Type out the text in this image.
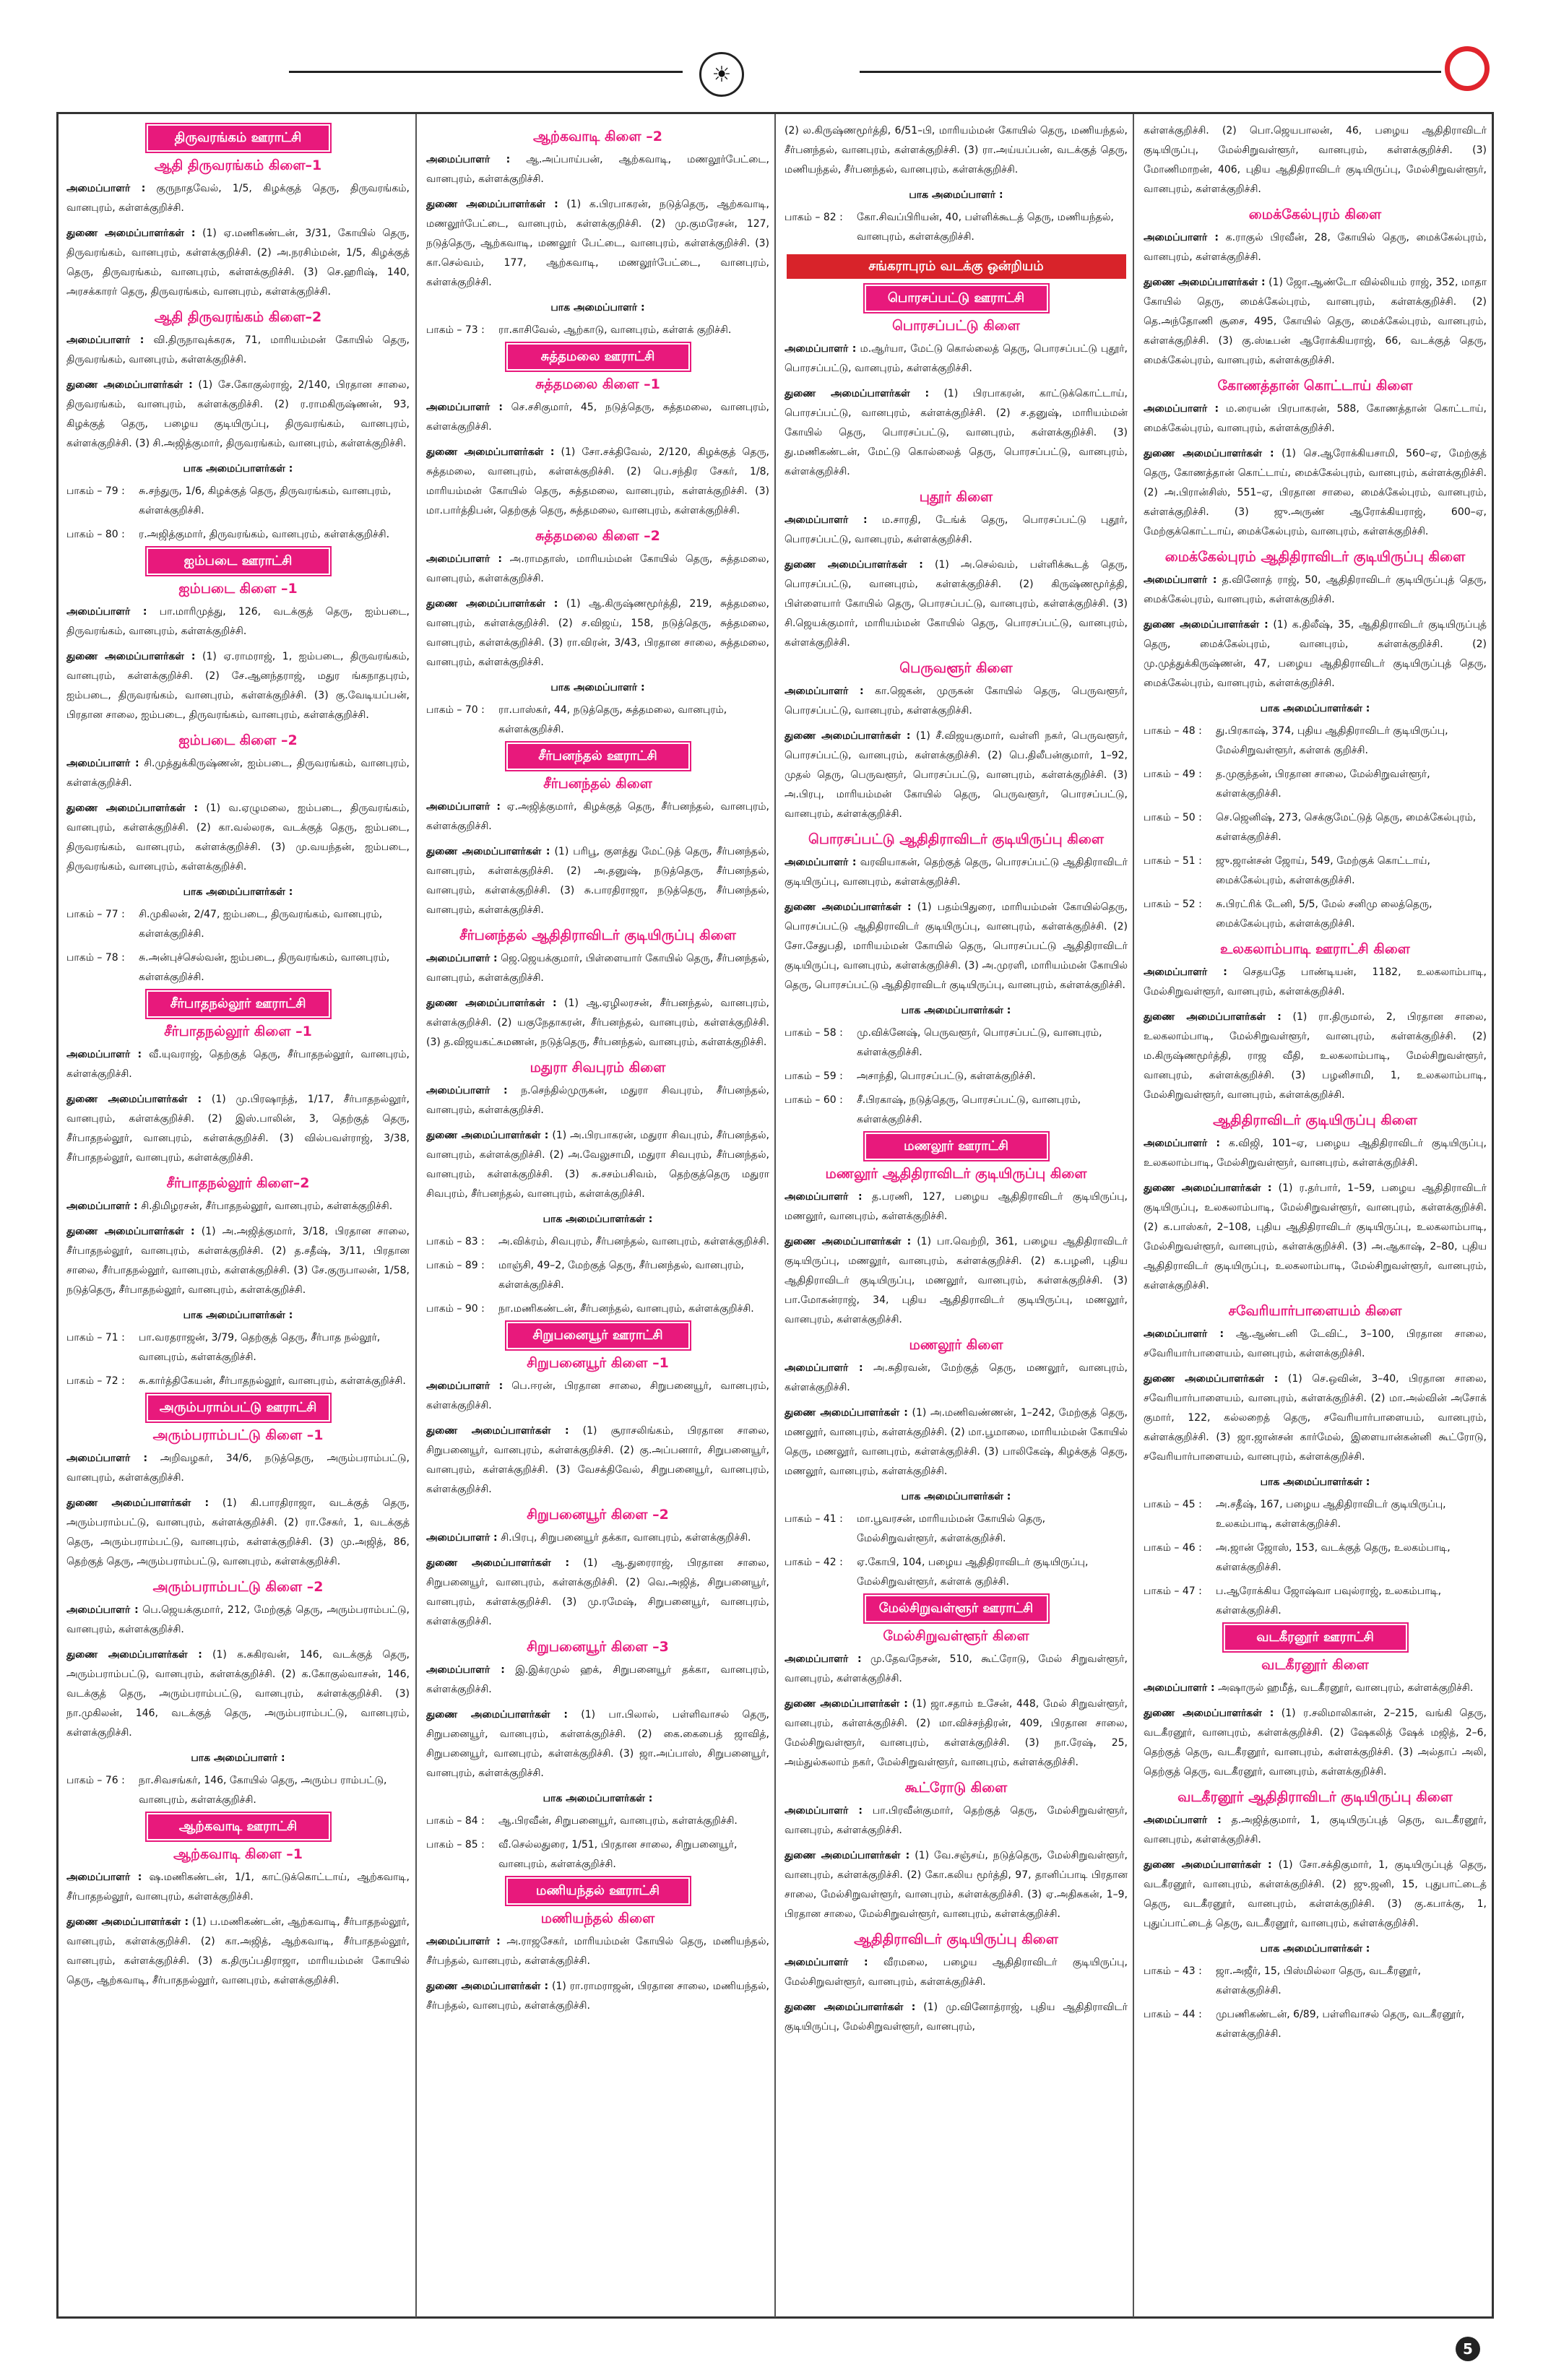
☀
திருவரங்கம் ஊராட்சி
ஆதி திருவரங்கம் கிளை–1

அமைப்பாளர் : குருநாதவேல், 1/5, கிழக்குத் தெரு, திருவரங்கம், வானபுரம், கள்ளக்குறிச்சி.

துணை அமைப்பாளர்கள் : (1) ஏ.மணிகண்டன், 3/31, கோயில் தெரு, திருவரங்கம், வானபுரம், கள்ளக்குறிச்சி. (2) அ.நரசிம்மன், 1/5, கிழக்குத் தெரு, திருவரங்கம், வானபுரம், கள்ளக்குறிச்சி. (3) செ.ஹரிஷ், 140, அரசக்காரர் தெரு, திருவரங்கம், வானபுரம், கள்ளக்குறிச்சி.

ஆதி திருவரங்கம் கிளை–2

அமைப்பாளர் : வி.திருநாவுக்கரசு, 71, மாரியம்மன் கோயில் தெரு, திருவரங்கம், வானபுரம், கள்ளக்குறிச்சி.

துணை அமைப்பாளர்கள் : (1) சே.கோகுல்ராஜ், 2/140, பிரதான சாலை, திருவரங்கம், வானபுரம், கள்ளக்குறிச்சி. (2) ர.ராமகிருஷ்ணன், 93, கிழக்குத் தெரு, பழைய குடியிருப்பு, திருவரங்கம், வானபுரம், கள்ளக்குறிச்சி. (3) சி.அஜித்குமார், திருவரங்கம், வானபுரம், கள்ளக்குறிச்சி.

பாக அமைப்பாளர்கள் :
பாகம் – 79 :	சு.சந்துரு, 1/6, கிழக்குத் தெரு, திருவரங்கம், வானபுரம், கள்ளக்குறிச்சி.
பாகம் – 80 :	ர.அஜித்குமார், திருவரங்கம், வானபுரம், கள்ளக்குறிச்சி.
ஐம்படை ஊராட்சி
ஐம்படை கிளை –1

அமைப்பாளர் : பா.மாரிமுத்து, 126, வடக்குத் தெரு, ஐம்படை, திருவரங்கம், வானபுரம், கள்ளக்குறிச்சி.

துணை அமைப்பாளர்கள் : (1) ஏ.ராமராஜ், 1, ஐம்படை, திருவரங்கம், வானபுரம், கள்ளக்குறிச்சி. (2) சே.ஆனந்தராஜ், மதுர ங்கநாதபுரம், ஐம்படை, திருவரங்கம், வானபுரம், கள்ளக்குறிச்சி. (3) கு.வேடியப்பன், பிரதான சாலை, ஐம்படை, திருவரங்கம், வானபுரம், கள்ளக்குறிச்சி.

ஐம்படை கிளை –2

அமைப்பாளர் : சி.முத்துக்கிருஷ்ணன், ஐம்படை, திருவரங்கம், வானபுரம், கள்ளக்குறிச்சி.

துணை அமைப்பாளர்கள் : (1) வ.ஏழுமலை, ஐம்படை, திருவரங்கம், வானபுரம், கள்ளக்குறிச்சி. (2) கா.வல்லரசு, வடக்குத் தெரு, ஐம்படை, திருவரங்கம், வானபுரம், கள்ளக்குறிச்சி. (3) மு.வயந்தன், ஐம்படை, திருவரங்கம், வானபுரம், கள்ளக்குறிச்சி.

பாக அமைப்பாளர்கள் :
பாகம் – 77 :	சி.முகிலன், 2/47, ஐம்படை, திருவரங்கம், வானபுரம், கள்ளக்குறிச்சி.
பாகம் – 78 :	சு.அன்புச்செல்வன், ஐம்படை, திருவரங்கம், வானபுரம், கள்ளக்குறிச்சி.
சீர்பாதநல்லூர் ஊராட்சி
சீர்பாதநல்லூர் கிளை –1

அமைப்பாளர் : வீ.யுவராஜ், தெற்குத் தெரு, சீர்பாதநல்லூர், வானபுரம், கள்ளக்குறிச்சி.

துணை அமைப்பாளர்கள் : (1) மு.பிரஷாந்த், 1/17, சீர்பாதநல்லூர், வானபுரம், கள்ளக்குறிச்சி. (2) இஸ்.பாலின், 3, தெற்குத் தெரு, சீர்பாதநல்லூர், வானபுரம், கள்ளக்குறிச்சி. (3) வில்பவள்ராஜ், 3/38, சீர்பாதநல்லூர், வானபுரம், கள்ளக்குறிச்சி.

சீர்பாதநல்லூர் கிளை–2

அமைப்பாளர் : சி.திமிழரசன், சீர்பாதநல்லூர், வானபுரம், கள்ளக்குறிச்சி.

துணை அமைப்பாளர்கள் : (1) அ.அஜித்குமார், 3/18, பிரதான சாலை, சீர்பாதநல்லூர், வானபுரம், கள்ளக்குறிச்சி. (2) த.சதீஷ், 3/11, பிரதான சாலை, சீர்பாதநல்லூர், வானபுரம், கள்ளக்குறிச்சி. (3) சே.குருபாலன், 1/58, நடுத்தெரு, சீர்பாதநல்லூர், வானபுரம், கள்ளக்குறிச்சி.

பாக அமைப்பாளர்கள் :
பாகம் – 71 :	பா.வரதராஜன், 3/79, தெற்குத் தெரு, சீர்பாத நல்லூர், வானபுரம், கள்ளக்குறிச்சி.
பாகம் – 72 :	சு.கார்த்திகேயன், சீர்பாதநல்லூர், வானபுரம், கள்ளக்குறிச்சி.
அரும்பராம்பட்டு ஊராட்சி
அரும்பராம்பட்டு கிளை –1

அமைப்பாளர் : அறிவழகர், 34/6, நடுத்தெரு, அரும்பராம்பட்டு, வானபுரம், கள்ளக்குறிச்சி.

துணை அமைப்பாளர்கள் : (1) கி.பாரதிராஜா, வடக்குத் தெரு, அரும்பராம்பட்டு, வானபுரம், கள்ளக்குறிச்சி. (2) ரா.சேகர், 1, வடக்குத் தெரு, அரும்பராம்பட்டு, வானபுரம், கள்ளக்குறிச்சி. (3) மு.அஜித், 86, தெற்குத் தெரு, அரும்பராம்பட்டு, வானபுரம், கள்ளக்குறிச்சி.

அரும்பராம்பட்டு கிளை –2

அமைப்பாளர் : பெ.ஜெயக்குமார், 212, மேற்குத் தெரு, அரும்பராம்பட்டு, வானபுரம், கள்ளக்குறிச்சி.

துணை அமைப்பாளர்கள் : (1) க.சுகிரவன், 146, வடக்குத் தெரு, அரும்பராம்பட்டு, வானபுரம், கள்ளக்குறிச்சி. (2) க.கோகுல்வாசன், 146, வடக்குத் தெரு, அரும்பராம்பட்டு, வானபுரம், கள்ளக்குறிச்சி. (3) நா.முகிலன், 146, வடக்குத் தெரு, அரும்பராம்பட்டு, வானபுரம், கள்ளக்குறிச்சி.

பாக அமைப்பாளர் :
பாகம் – 76 :	நா.சிவசங்கர், 146, கோயில் தெரு, அரும்ப ராம்பட்டு, வானபுரம், கள்ளக்குறிச்சி.
ஆற்கவாடி ஊராட்சி
ஆற்கவாடி கிளை –1

அமைப்பாளர் : ஷ.மணிகண்டன், 1/1, காட்டுக்கொட்டாய், ஆற்கவாடி, சீர்பாதநல்லூர், வானபுரம், கள்ளக்குறிச்சி.

துணை அமைப்பாளர்கள் : (1) ப.மணிகண்டன், ஆற்கவாடி, சீர்பாதநல்லூர், வானபுரம், கள்ளக்குறிச்சி. (2) கா.அஜித், ஆற்கவாடி, சீர்பாதநல்லூர், வானபுரம், கள்ளக்குறிச்சி. (3) க.திருப்பதிராஜா, மாரியம்மன் கோயில் தெரு, ஆற்கவாடி, சீர்பாதநல்லூர், வானபுரம், கள்ளக்குறிச்சி.

ஆற்கவாடி கிளை –2

அமைப்பாளர் : ஆ.அப்பாய்பன், ஆற்கவாடி, மணலூர்பேட்டை, வானபுரம், கள்ளக்குறிச்சி.

துணை அமைப்பாளர்கள் : (1) க.பிரபாகரன், நடுத்தெரு, ஆற்கவாடி, மணலூர்பேட்டை, வானபுரம், கள்ளக்குறிச்சி. (2) மு.குமரேசன், 127, நடுத்தெரு, ஆற்கவாடி, மணலூர் பேட்டை, வானபுரம், கள்ளக்குறிச்சி. (3) கா.செல்வம், 177, ஆற்கவாடி, மணலூர்பேட்டை, வானபுரம், கள்ளக்குறிச்சி.

பாக அமைப்பாளர் :
பாகம் – 73 :	ரா.காசிவேல், ஆற்காடு, வானபுரம், கள்ளக் குறிச்சி.
சுத்தமலை ஊராட்சி
சுத்தமலை கிளை –1

அமைப்பாளர் : செ.சசிகுமார், 45, நடுத்தெரு, சுத்தமலை, வானபுரம், கள்ளக்குறிச்சி.

துணை அமைப்பாளர்கள் : (1) சோ.சக்திவேல், 2/120, கிழக்குத் தெரு, சுத்தமலை, வானபுரம், கள்ளக்குறிச்சி. (2) பெ.சந்திர சேகர், 1/8, மாரியம்மன் கோயில் தெரு, சுத்தமலை, வானபுரம், கள்ளக்குறிச்சி. (3) மா.பார்த்திபன், தெற்குத் தெரு, சுத்தமலை, வானபுரம், கள்ளக்குறிச்சி.

சுத்தமலை கிளை –2

அமைப்பாளர் : அ.ராமதாஸ், மாரியம்மன் கோயில் தெரு, சுத்தமலை, வானபுரம், கள்ளக்குறிச்சி.

துணை அமைப்பாளர்கள் : (1) ஆ.கிருஷ்ணமூர்த்தி, 219, சுத்தமலை, வானபுரம், கள்ளக்குறிச்சி. (2) ச.விஜய், 158, நடுத்தெரு, சுத்தமலை, வானபுரம், கள்ளக்குறிச்சி. (3) ரா.விரன், 3/43, பிரதான சாலை, சுத்தமலை, வானபுரம், கள்ளக்குறிச்சி.

பாக அமைப்பாளர் :
பாகம் – 70 :	ரா.பாஸ்கர், 44, நடுத்தெரு, சுத்தமலை, வானபுரம், கள்ளக்குறிச்சி.
சீர்பனந்தல் ஊராட்சி
சீர்பனந்தல் கிளை

அமைப்பாளர் : ஏ.அஜித்குமார், கிழக்குத் தெரு, சீர்பனந்தல், வானபுரம், கள்ளக்குறிச்சி.

துணை அமைப்பாளர்கள் : (1) பரிபூ, குளத்து மேட்டுத் தெரு, சீர்பனந்தல், வானபுரம், கள்ளக்குறிச்சி. (2) அ.தனுஷ், நடுத்தெரு, சீர்பனந்தல், வானபுரம், கள்ளக்குறிச்சி. (3) சு.பாரதிராஜா, நடுத்தெரு, சீர்பனந்தல், வானபுரம், கள்ளக்குறிச்சி.

சீர்பனந்தல் ஆதிதிராவிடர் குடியிருப்பு கிளை

அமைப்பாளர் : ஜெ.ஜெயக்குமார், பிள்ளையார் கோயில் தெரு, சீர்பனந்தல், வானபுரம், கள்ளக்குறிச்சி.

துணை அமைப்பாளர்கள் : (1) ஆ.ஏழிலரசன், சீர்பனந்தல், வானபுரம், கள்ளக்குறிச்சி. (2) யகுநேதாகரன், சீர்பனந்தல், வானபுரம், கள்ளக்குறிச்சி. (3) த.விஜயகட்சுமணன், நடுத்தெரு, சீர்பனந்தல், வானபுரம், கள்ளக்குறிச்சி.

மதுரா சிவபுரம் கிளை

அமைப்பாளர் : ந.செந்தில்முருகன், மதுரா சிவபுரம், சீர்பனந்தல், வானபுரம், கள்ளக்குறிச்சி.

துணை அமைப்பாளர்கள் : (1) அ.பிரபாகரன், மதுரா சிவபுரம், சீர்பனந்தல், வானபுரம், கள்ளக்குறிச்சி. (2) அ.வேலுசாமி, மதுரா சிவபுரம், சீர்பனந்தல், வானபுரம், கள்ளக்குறிச்சி. (3) சு.சசம்பசிவம், தெற்குத்தெரு மதுரா சிவபுரம், சீர்பனந்தல், வானபுரம், கள்ளக்குறிச்சி.

பாக அமைப்பாளர்கள் :
பாகம் – 83 :	அ.விக்ரம், சிவபுரம், சீர்பனந்தல், வானபுரம், கள்ளக்குறிச்சி.
பாகம் – 89 :	மாஞ்சி, 49–2, மேற்குத் தெரு, சீர்பனந்தல், வானபுரம், கள்ளக்குறிச்சி.
பாகம் – 90 :	நா.மணிகண்டன், சீர்பனந்தல், வானபுரம், கள்ளக்குறிச்சி.
சிறுபனையூர் ஊராட்சி
சிறுபனையூர் கிளை –1

அமைப்பாளர் : பெ.ஈரன், பிரதான சாலை, சிறுபனையூர், வானபுரம், கள்ளக்குறிச்சி.

துணை அமைப்பாளர்கள் : (1) சூராசலிங்கம், பிரதான சாலை, சிறுபனையூர், வானபுரம், கள்ளக்குறிச்சி. (2) கு.அப்பனார், சிறுபனையூர், வானபுரம், கள்ளக்குறிச்சி. (3) வேசக்திவேல், சிறுபனையூர், வானபுரம், கள்ளக்குறிச்சி.

சிறுபனையூர் கிளை –2

அமைப்பாளர் : சி.பிரபு, சிறுபனையூர் தக்கா, வானபுரம், கள்ளக்குறிச்சி.

துணை அமைப்பாளர்கள் : (1) ஆ.துரைராஜ், பிரதான சாலை, சிறுபனையூர், வானபுரம், கள்ளக்குறிச்சி. (2) வெ.அஜித், சிறுபனையூர், வானபுரம், கள்ளக்குறிச்சி. (3) மு.ரமேஷ், சிறுபனையூர், வானபுரம், கள்ளக்குறிச்சி.

சிறுபனையூர் கிளை –3

அமைப்பாளர் : இ.இக்ரமுல் ஹக், சிறுபனையூர் தக்கா, வானபுரம், கள்ளக்குறிச்சி.

துணை அமைப்பாளர்கள் : (1) பா.பிலால், பள்ளிவாசல் தெரு, சிறுபனையூர், வானபுரம், கள்ளக்குறிச்சி. (2) கை.கைபைத் ஜாவித், சிறுபனையூர், வானபுரம், கள்ளக்குறிச்சி. (3) ஜா.அப்பாஸ், சிறுபனையூர், வானபுரம், கள்ளக்குறிச்சி.

பாக அமைப்பாளர்கள் :
பாகம் – 84 :	ஆ.பிரவீன், சிறுபனையூர், வானபுரம், கள்ளக்குறிச்சி.
பாகம் – 85 :	வீ.செல்லதுரை, 1/51, பிரதான சாலை, சிறுபனையூர், வானபுரம், கள்ளக்குறிச்சி.
மணியந்தல் ஊராட்சி
மணியந்தல் கிளை

அமைப்பாளர் : அ.ராஜசேகர், மாரியம்மன் கோயில் தெரு, மணியந்தல், சீர்பந்தல், வானபுரம், கள்ளக்குறிச்சி.

துணை அமைப்பாளர்கள் : (1) ரா.ராமராஜன், பிரதான சாலை, மணியந்தல், சீர்பந்தல், வானபுரம், கள்ளக்குறிச்சி.

(2) ல.கிருஷ்ணமூர்த்தி, 6/51–பி, மாரியம்மன் கோயில் தெரு, மணியந்தல், சீர்பனந்தல், வானபுரம், கள்ளக்குறிச்சி. (3) ரா.அய்யப்பன், வடக்குத் தெரு, மணியந்தல், சீர்பனந்தல், வானபுரம், கள்ளக்குறிச்சி.

பாக அமைப்பாளர் :
பாகம் – 82 :	கோ.சிவப்பிரியன், 40, பள்ளிக்கூடத் தெரு, மணியந்தல், வானபுரம், கள்ளக்குறிச்சி.
சங்கராபுரம் வடக்கு ஒன்றியம்
பொரசப்பட்டு ஊராட்சி
பொரசப்பட்டு கிளை

அமைப்பாளர் : ம.ஆர்யா, மேட்டு கொல்லைத் தெரு, பொரசப்பட்டு புதூர், பொரசப்பட்டு, வானபுரம், கள்ளக்குறிச்சி.

துணை அமைப்பாளர்கள் : (1) பிரபாகரன், காட்டுக்கொட்டாய், பொரசப்பட்டு, வானபுரம், கள்ளக்குறிச்சி. (2) ச.தனுஷ், மாரியம்மன் கோயில் தெரு, பொரசப்பட்டு, வானபுரம், கள்ளக்குறிச்சி. (3) து.மணிகண்டன், மேட்டு கொல்லைத் தெரு, பொரசப்பட்டு, வானபுரம், கள்ளக்குறிச்சி.

புதூர் கிளை

அமைப்பாளர் : ம.சாரதி, டேங்க் தெரு, பொரசப்பட்டு புதூர், பொரசப்பட்டு, வானபுரம், கள்ளக்குறிச்சி.

துணை அமைப்பாளர்கள் : (1) அ.செல்வம், பள்ளிக்கூடத் தெரு, பொரசப்பட்டு, வானபுரம், கள்ளக்குறிச்சி. (2) கிருஷ்ணமூர்த்தி, பிள்ளையார் கோயில் தெரு, பொரசப்பட்டு, வானபுரம், கள்ளக்குறிச்சி. (3) சி.ஜெயக்குமார், மாரியம்மன் கோயில் தெரு, பொரசப்பட்டு, வானபுரம், கள்ளக்குறிச்சி.

பெருவளூர் கிளை

அமைப்பாளர் : கா.ஜெகன், முருகன் கோயில் தெரு, பெருவளூர், பொரசப்பட்டு, வானபுரம், கள்ளக்குறிச்சி.

துணை அமைப்பாளர்கள் : (1) சீ.விஜயகுமார், வள்ளி நகர், பெருவளூர், பொரசப்பட்டு, வானபுரம், கள்ளக்குறிச்சி. (2) பெ.திலீபன்குமார், 1–92, முதல் தெரு, பெருவளூர், பொரசப்பட்டு, வானபுரம், கள்ளக்குறிச்சி. (3) அ.பிரபு, மாரியம்மன் கோயில் தெரு, பெருவளூர், பொரசப்பட்டு, வானபுரம், கள்ளக்குறிச்சி.

பொரசப்பட்டு ஆதிதிராவிடர் குடியிருப்பு கிளை

அமைப்பாளர் : வரவியாகன், தெற்குத் தெரு, பொரசப்பட்டு ஆதிதிராவிடர் குடியிருப்பு, வானபுரம், கள்ளக்குறிச்சி.

துணை அமைப்பாளர்கள் : (1) பதம்பிதுரை, மாரியம்மன் கோயில்தெரு, பொரசப்பட்டு ஆதிதிராவிடர் குடியிருப்பு, வானபுரம், கள்ளக்குறிச்சி. (2) சோ.சேதுபதி, மாரியம்மன் கோயில் தெரு, பொரசப்பட்டு ஆதிதிராவிடர் குடியிருப்பு, வானபுரம், கள்ளக்குறிச்சி. (3) அ.முரளி, மாரியம்மன் கோயில் தெரு, பொரசப்பட்டு ஆதிதிராவிடர் குடியிருப்பு, வானபுரம், கள்ளக்குறிச்சி.

பாக அமைப்பாளர்கள் :
பாகம் – 58 :	மு.விக்னேஷ், பெருவளூர், பொரசப்பட்டு, வானபுரம், கள்ளக்குறிச்சி.
பாகம் – 59 :	அசாந்தி, பொரசப்பட்டு, கள்ளக்குறிச்சி.
பாகம் – 60 :	சீ.பிரகாஷ், நடுத்தெரு, பொரசப்பட்டு, வானபுரம், கள்ளக்குறிச்சி.
மணலூர் ஊராட்சி
மணலூர் ஆதிதிராவிடர் குடியிருப்பு கிளை

அமைப்பாளர் : த.பரணி, 127, பழைய ஆதிதிராவிடர் குடியிருப்பு, மணலூர், வானபுரம், கள்ளக்குறிச்சி.

துணை அமைப்பாளர்கள் : (1) பா.வெற்றி, 361, பழைய ஆதிதிராவிடர் குடியிருப்பு, மணலூர், வானபுரம், கள்ளக்குறிச்சி. (2) க.பழனி, புதிய ஆதிதிராவிடர் குடியிருப்பு, மணலூர், வானபுரம், கள்ளக்குறிச்சி. (3) பா.மோகன்ராஜ், 34, புதிய ஆதிதிராவிடர் குடியிருப்பு, மணலூர், வானபுரம், கள்ளக்குறிச்சி.

மணலூர் கிளை

அமைப்பாளர் : அ.சுதிரவன், மேற்குத் தெரு, மணலூர், வானபுரம், கள்ளக்குறிச்சி.

துணை அமைப்பாளர்கள் : (1) அ.மணிவண்ணன், 1–242, மேற்குத் தெரு, மணலூர், வானபுரம், கள்ளக்குறிச்சி. (2) மா.பூமாலை, மாரியம்மன் கோயில் தெரு, மணலூர், வானபுரம், கள்ளக்குறிச்சி. (3) பாலிகேஷ், கிழக்குத் தெரு, மணலூர், வானபுரம், கள்ளக்குறிச்சி.

பாக அமைப்பாளர்கள் :
பாகம் – 41 :	மா.பூவரசன், மாரியம்மன் கோயில் தெரு, மேல்சிறுவள்ளூர், கள்ளக்குறிச்சி.
பாகம் – 42 :	ஏ.கோபி, 104, பழைய ஆதிதிராவிடர் குடியிருப்பு, மேல்சிறுவள்ளூர், கள்ளக் குறிச்சி.
மேல்சிறுவள்ளூர் ஊராட்சி
மேல்சிறுவள்ளூர் கிளை

அமைப்பாளர் : மு.தேவநேசன், 510, கூட்ரோடு, மேல் சிறுவள்ளூர், வானபுரம், கள்ளக்குறிச்சி.

துணை அமைப்பாளர்கள் : (1) ஜா.சதாம் உசேன், 448, மேல் சிறுவள்ளூர், வானபுரம், கள்ளக்குறிச்சி. (2) மா.விச்சந்திரன், 409, பிரதான சாலை, மேல்சிறுவள்ளூர், வானபுரம், கள்ளக்குறிச்சி. (3) நா.ரேஷ், 25, அம்துல்கலாம் நகர், மேல்சிறுவள்ளூர், வானபுரம், கள்ளக்குறிச்சி.

கூட்ரோடு கிளை

அமைப்பாளர் : பா.பிரவீன்குமார், தெற்குத் தெரு, மேல்சிறுவள்ளூர், வானபுரம், கள்ளக்குறிச்சி.

துணை அமைப்பாளர்கள் : (1) வே.சஞ்சய், நடுத்தெரு, மேல்சிறுவள்ளூர், வானபுரம், கள்ளக்குறிச்சி. (2) கோ.கலிய மூர்த்தி, 97, தானிப்பாடி பிரதான சாலை, மேல்சிறுவள்ளூர், வானபுரம், கள்ளக்குறிச்சி. (3) ஏ.அதிசுகன், 1–9, பிரதான சாலை, மேல்சிறுவள்ளூர், வானபுரம், கள்ளக்குறிச்சி.

ஆதிதிராவிடர் குடியிருப்பு கிளை

அமைப்பாளர் : வீரமலை, பழைய ஆதிதிராவிடர் குடியிருப்பு, மேல்சிறுவள்ளூர், வானபுரம், கள்ளக்குறிச்சி.

துணை அமைப்பாளர்கள் : (1) மு.வினோத்ராஜ், புதிய ஆதிதிராவிடர் குடியிருப்பு, மேல்சிறுவள்ளூர், வானபுரம்,

கள்ளக்குறிச்சி. (2) பொ.ஜெயபாலன், 46, பழைய ஆதிதிராவிடர் குடியிருப்பு, மேல்சிறுவள்ளூர், வானபுரம், கள்ளக்குறிச்சி. (3) மோணிமாறன், 406, புதிய ஆதிதிராவிடர் குடியிருப்பு, மேல்சிறுவள்ளூர், வானபுரம், கள்ளக்குறிச்சி.

மைக்கேல்புரம் கிளை

அமைப்பாளர் : க.ராகுல் பிரவீன், 28, கோயில் தெரு, மைக்கேல்புரம், வானபுரம், கள்ளக்குறிச்சி.

துணை அமைப்பாளர்கள் : (1) ஜோ.ஆண்டோ வில்லியம் ராஜ், 352, மாதா கோயில் தெரு, மைக்கேல்புரம், வானபுரம், கள்ளக்குறிச்சி. (2) தெ.அந்தோணி சூசை, 495, கோயில் தெரு, மைக்கேல்புரம், வானபுரம், கள்ளக்குறிச்சி. (3) கு.ஸ்டீபன் ஆரோக்கியராஜ், 66, வடக்குத் தெரு, மைக்கேல்புரம், வானபுரம், கள்ளக்குறிச்சி.

கோணத்தான் கொட்டாய் கிளை

அமைப்பாளர் : ம.ரையன் பிரபாகரன், 588, கோணத்தான் கொட்டாய், மைக்கேல்புரம், வானபுரம், கள்ளக்குறிச்சி.

துணை அமைப்பாளர்கள் : (1) செ.ஆரோக்கியசாமி, 560–ஏ, மேற்குத் தெரு, கோணத்தான் கொட்டாய், மைக்கேல்புரம், வானபுரம், கள்ளக்குறிச்சி. (2) அ.பிரான்சிஸ், 551–ஏ, பிரதான சாலை, மைக்கேல்புரம், வானபுரம், கள்ளக்குறிச்சி. (3) ஜு.அருண் ஆரோக்கியராஜ், 600–ஏ, மேற்குக்கொட்டாய், மைக்கேல்புரம், வானபுரம், கள்ளக்குறிச்சி.

மைக்கேல்புரம் ஆதிதிராவிடர் குடியிருப்பு கிளை

அமைப்பாளர் : த.வினோத் ராஜ், 50, ஆதிதிராவிடர் குடியிருப்புத் தெரு, மைக்கேல்புரம், வானபுரம், கள்ளக்குறிச்சி.

துணை அமைப்பாளர்கள் : (1) க.திலீஷ், 35, ஆதிதிராவிடர் குடியிருப்புத் தெரு, மைக்கேல்புரம், வானபுரம், கள்ளக்குறிச்சி. (2) மு.முத்துக்கிருஷ்ணன், 47, பழைய ஆதிதிராவிடர் குடியிருப்புத் தெரு, மைக்கேல்புரம், வானபுரம், கள்ளக்குறிச்சி.

பாக அமைப்பாளர்கள் :
பாகம் – 48 :	து.பிரகாஷ், 374, புதிய ஆதிதிராவிடர் குடியிருப்பு, மேல்சிறுவள்ளூர், கள்ளக் குறிச்சி.
பாகம் – 49 :	த.முகுந்தன், பிரதான சாலை, மேல்சிறுவள்ளூர், கள்ளக்குறிச்சி.
பாகம் – 50 :	செ.ஜெனிஷ், 273, செக்குமேட்டுத் தெரு, மைக்கேல்புரம், கள்ளக்குறிச்சி.
பாகம் – 51 :	ஜு.ஜான்சன் ஜோய், 549, மேற்குக் கொட்டாய், மைக்கேல்புரம், கள்ளக்குறிச்சி.
பாகம் – 52 :	சு.பிரட்ரிக் டேனி, 5/5, மேல் சனிமு லைத்தெரு, மைக்கேல்புரம், கள்ளக்குறிச்சி.
உலகலாம்பாடி ஊராட்சி கிளை

அமைப்பாளர் : செதயதே பாண்டியன், 1182, உலகலாம்பாடி, மேல்சிறுவள்ளூர், வானபுரம், கள்ளக்குறிச்சி.

துணை அமைப்பாளர்கள் : (1) ரா.திருமால், 2, பிரதான சாலை, உலகலாம்பாடி, மேல்சிறுவள்ளூர், வானபுரம், கள்ளக்குறிச்சி. (2) ம.கிருஷ்ணமூர்த்தி, ராஜ வீதி, உலகலாம்பாடி, மேல்சிறுவள்ளூர், வானபுரம், கள்ளக்குறிச்சி. (3) பழனிசாமி, 1, உலகலாம்பாடி, மேல்சிறுவள்ளூர், வானபுரம், கள்ளக்குறிச்சி.

ஆதிதிராவிடர் குடியிருப்பு கிளை

அமைப்பாளர் : க.விஜி, 101–ஏ, பழைய ஆதிதிராவிடர் குடியிருப்பு, உலகலாம்பாடி, மேல்சிறுவள்ளூர், வானபுரம், கள்ளக்குறிச்சி.

துணை அமைப்பாளர்கள் : (1) ர.தர்பார், 1–59, பழைய ஆதிதிராவிடர் குடியிருப்பு, உலகலாம்பாடி, மேல்சிறுவள்ளூர், வானபுரம், கள்ளக்குறிச்சி. (2) க.பாஸ்கர், 2–108, புதிய ஆதிதிராவிடர் குடியிருப்பு, உலகலாம்பாடி, மேல்சிறுவள்ளூர், வானபுரம், கள்ளக்குறிச்சி. (3) அ.ஆகாஷ், 2–80, புதிய ஆதிதிராவிடர் குடியிருப்பு, உலகலாம்பாடி, மேல்சிறுவள்ளூர், வானபுரம், கள்ளக்குறிச்சி.

சவேரியார்பாளையம் கிளை

அமைப்பாளர் : ஆ.ஆண்டனி டேவிட், 3–100, பிரதான சாலை, சவேரியார்பாளையம், வானபுரம், கள்ளக்குறிச்சி.

துணை அமைப்பாளர்கள் : (1) செ.ஒவின், 3–40, பிரதான சாலை, சவேரியார்பாளையம், வானபுரம், கள்ளக்குறிச்சி. (2) மா.அல்வின் அசோக் குமார், 122, கல்லறைத் தெரு, சவேரியார்பாளையம், வானபுரம், கள்ளக்குறிச்சி. (3) ஜா.ஜான்சன் கார்மேல், இளையான்கன்னி கூட்ரோடு, சவேரியார்பாளையம், வானபுரம், கள்ளக்குறிச்சி.

பாக அமைப்பாளர்கள் :
பாகம் – 45 :	அ.சதீஷ், 167, பழைய ஆதிதிராவிடர் குடியிருப்பு, உலகம்பாடி, கள்ளக்குறிச்சி.
பாகம் – 46 :	அ.ஜான் ஜோஸ், 153, வடக்குத் தெரு, உலகம்பாடி, கள்ளக்குறிச்சி.
பாகம் – 47 :	ப.ஆரோக்கிய ஜோஷ்வா பவுல்ராஜ், உலகம்பாடி, கள்ளக்குறிச்சி.
வடகீரனூர் ஊராட்சி
வடகீரனூர் கிளை

அமைப்பாளர் : அஷாருல் ஹமீத், வடகீரனூர், வானபுரம், கள்ளக்குறிச்சி.

துணை அமைப்பாளர்கள் : (1) ர.சலிமாலிகான், 2–215, வங்கி தெரு, வடகீரனூர், வானபுரம், கள்ளக்குறிச்சி. (2) ஷேகலித் ஷேக் மஜித், 2–6, தெற்குத் தெரு, வடகீரனூர், வானபுரம், கள்ளக்குறிச்சி. (3) அல்தாப் அலி, தெற்குத் தெரு, வடகீரனூர், வானபுரம், கள்ளக்குறிச்சி.

வடகீரனூர் ஆதிதிராவிடர் குடியிருப்பு கிளை

அமைப்பாளர் : த.அஜித்குமார், 1, குடியிருப்புத் தெரு, வடகீரனூர், வானபுரம், கள்ளக்குறிச்சி.

துணை அமைப்பாளர்கள் : (1) சோ.சக்திகுமார், 1, குடியிருப்புத் தெரு, வடகீரனூர், வானபுரம், கள்ளக்குறிச்சி. (2) ஜு.ஜனி, 15, புதுபாட்டைத் தெரு, வடகீரனூர், வானபுரம், கள்ளக்குறிச்சி. (3) கு.கபாக்கு, 1, புதுப்பாட்டைத் தெரு, வடகீரனூர், வானபுரம், கள்ளக்குறிச்சி.

பாக அமைப்பாளர்கள் :
பாகம் – 43 :	ஜா.அஜீர், 15, பிஸ்மில்லா தெரு, வடகீரனூர், கள்ளக்குறிச்சி.
பாகம் – 44 :	முபணிகண்டன், 6/89, பள்ளிவாசல் தெரு, வடகீரனூர், கள்ளக்குறிச்சி.
5
